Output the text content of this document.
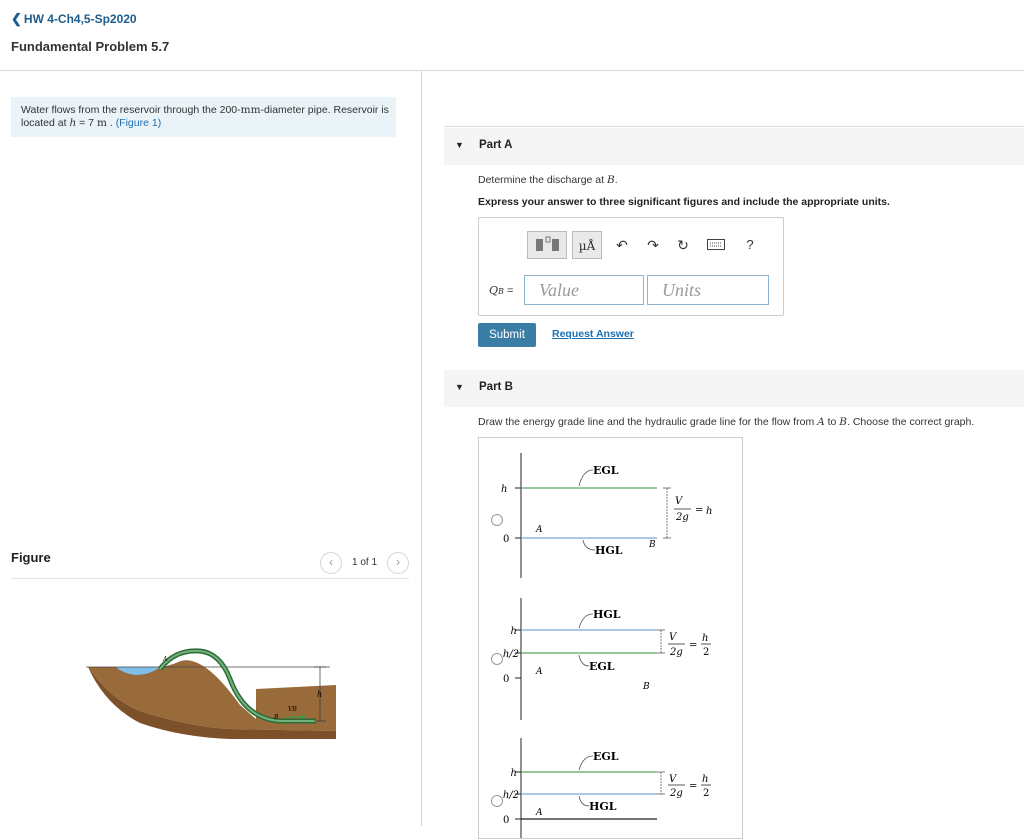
❮ HW 4-Ch4,5-Sp2020
Fundamental Problem 5.7
Water flows from the reservoir through the 200-mm-diameter pipe. Reservoir is located at h = 7 m . (Figure 1)
Figure	‹	1 of 1	›
h
A
B
VB
▼ Part A
Determine the discharge at B.
Express your answer to three significant figures and include the appropriate units.
µÅ	↶	↷	↻	?
QB =	Value	Units
Submit	Request Answer
▼ Part B
Draw the energy grade line and the hydraulic grade line for the flow from A to B. Choose the correct graph.
h
0
EGL
HGL
A
B
V
2g
= h
h
h/2
0
HGL
EGL
A
B
V
2g
=
h
2
h
h/2
0
EGL
HGL
A
V
2g
=
h
2
